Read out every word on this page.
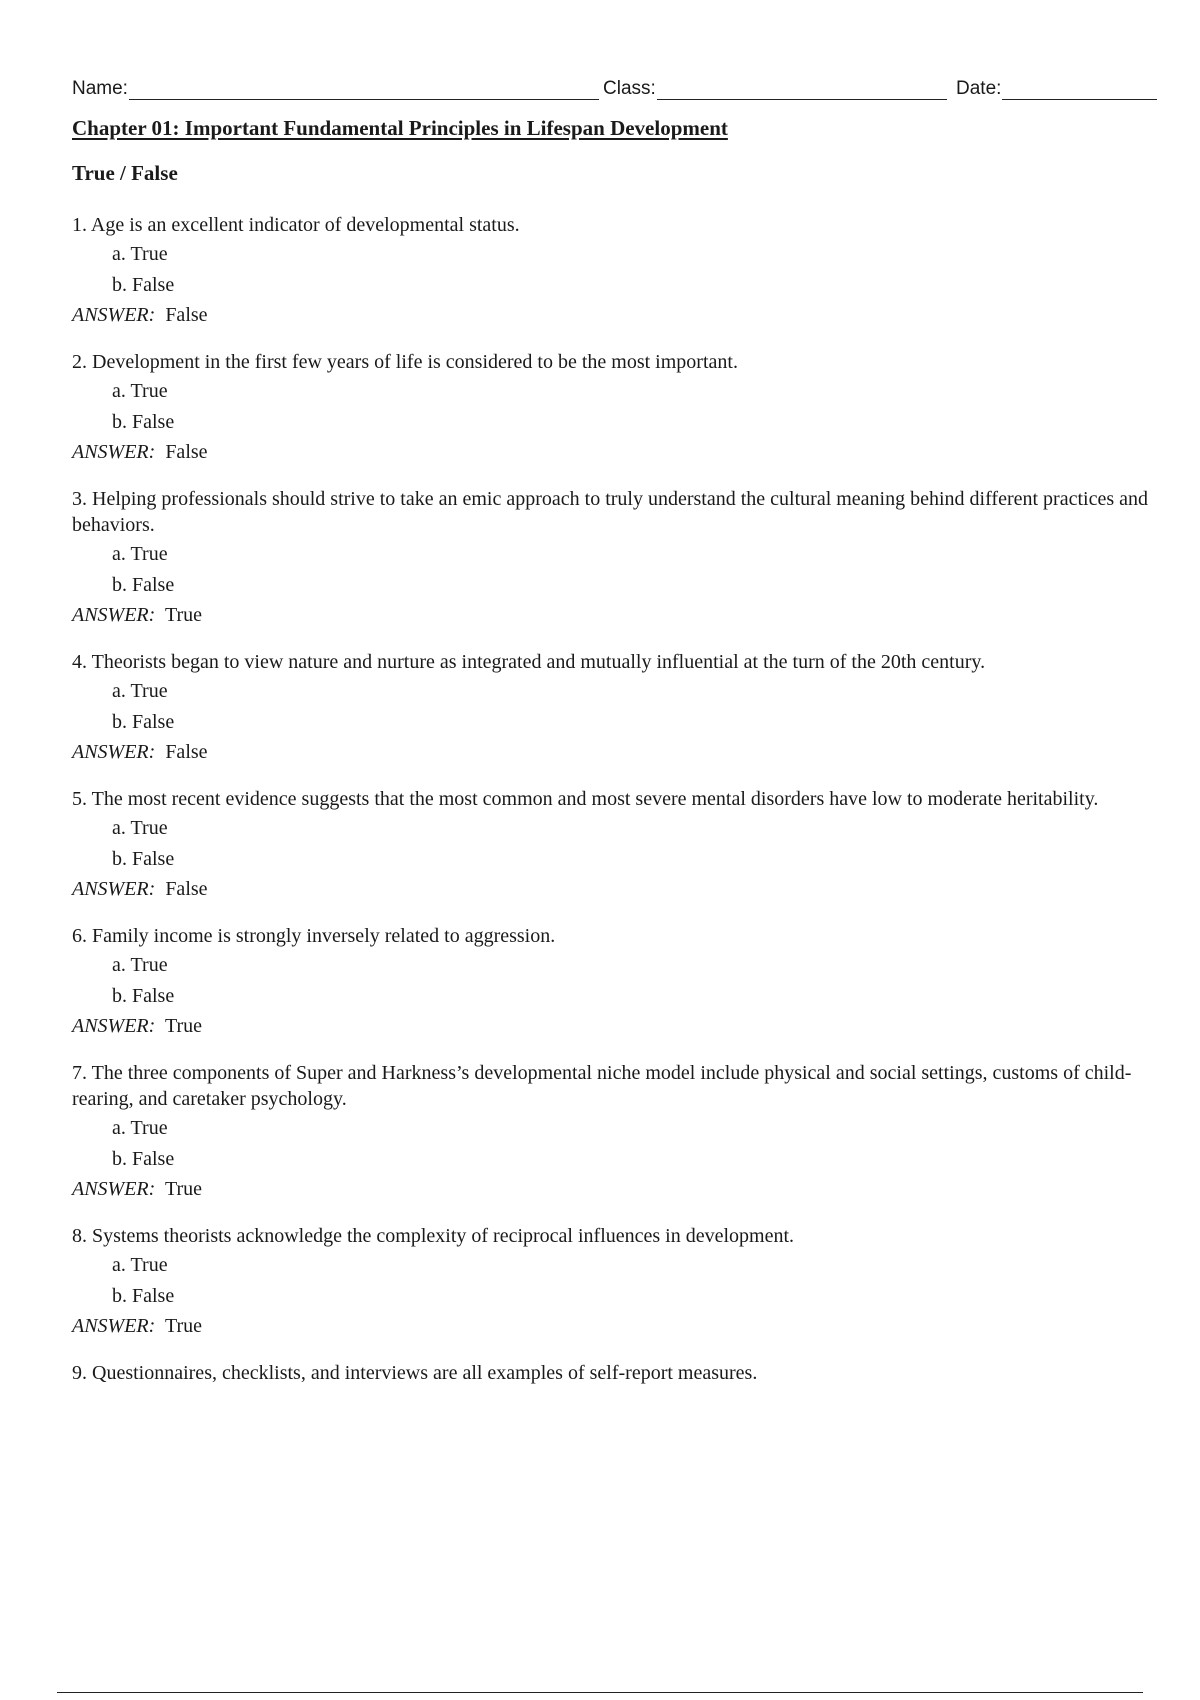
Name:	Class:	Date:
Chapter 01: Important Fundamental Principles in Lifespan Development
True / False

1. Age is an excellent indicator of developmental status.

a. True
b. False
ANSWER: False

2. Development in the first few years of life is considered to be the most important.

a. True
b. False
ANSWER: False

3. Helping professionals should strive to take an emic approach to truly understand the cultural meaning behind different practices and behaviors.

a. True
b. False
ANSWER: True

4. Theorists began to view nature and nurture as integrated and mutually influential at the turn of the 20th century.

a. True
b. False
ANSWER: False

5. The most recent evidence suggests that the most common and most severe mental disorders have low to moderate heritability.

a. True
b. False
ANSWER: False

6. Family income is strongly inversely related to aggression.

a. True
b. False
ANSWER: True

7. The three components of Super and Harkness’s developmental niche model include physical and social settings, customs of child-rearing, and caretaker psychology.

a. True
b. False
ANSWER: True

8. Systems theorists acknowledge the complexity of reciprocal influences in development.

a. True
b. False
ANSWER: True

9. Questionnaires, checklists, and interviews are all examples of self-report measures.
